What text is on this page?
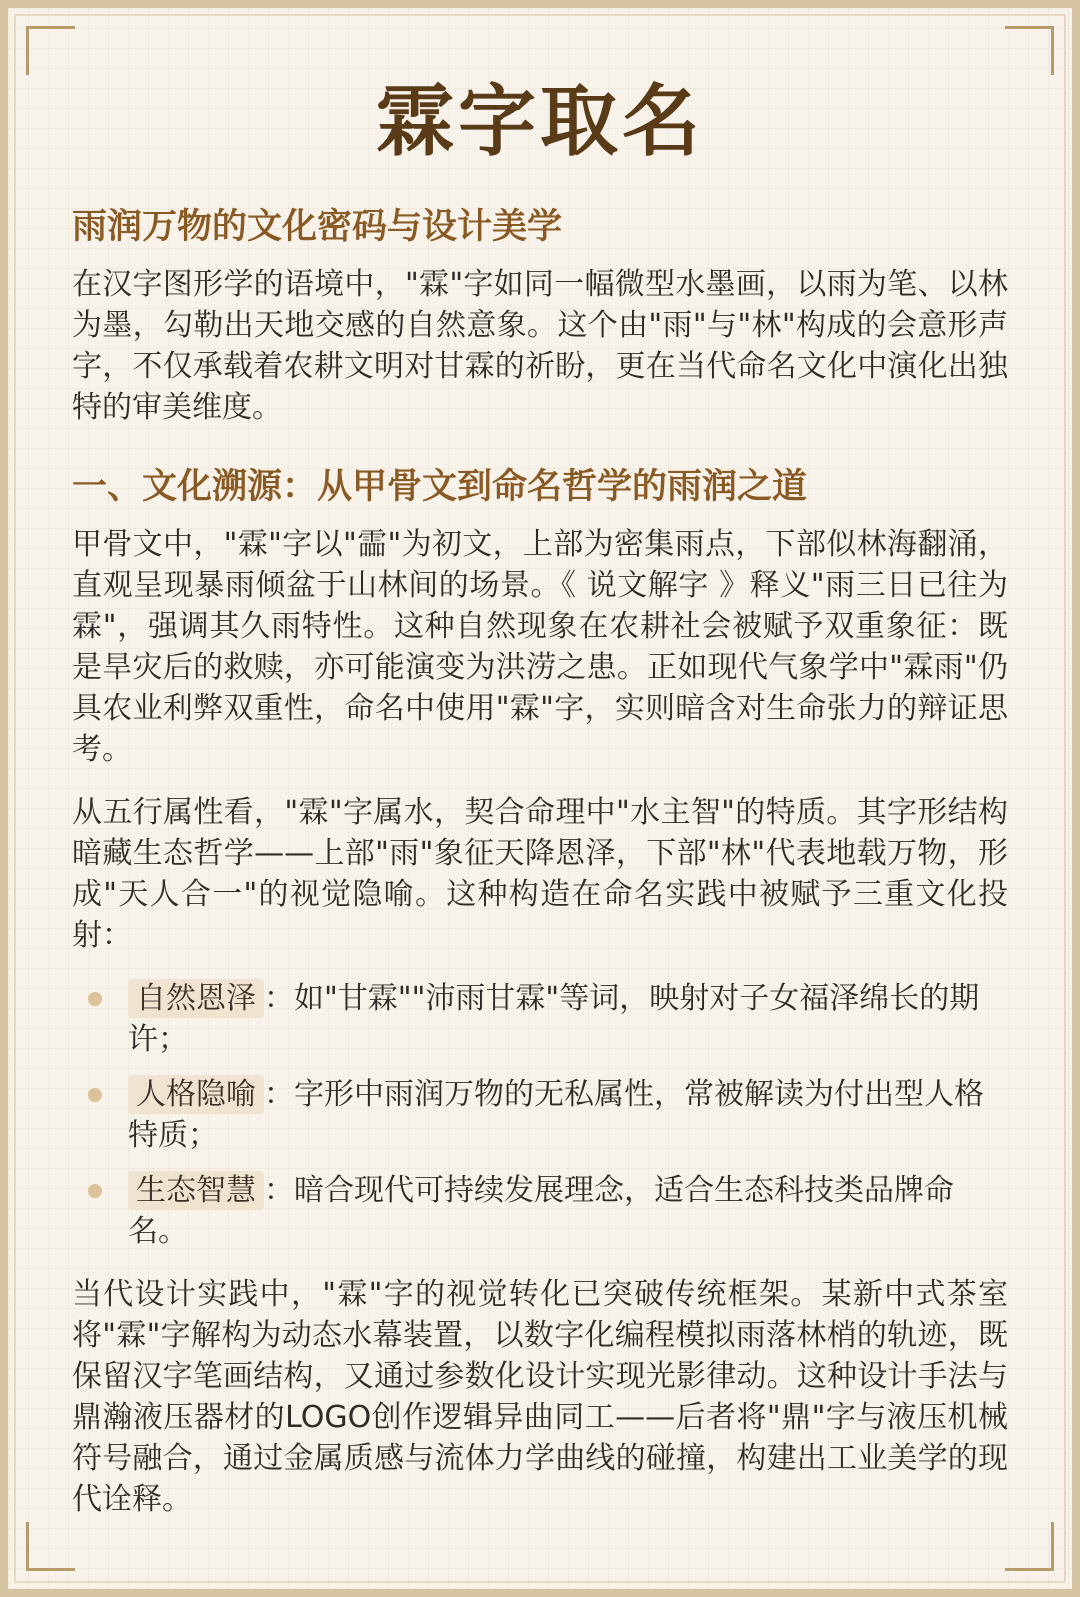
霖字取名
雨润万物的文化密码与设计美学

在汉字图形学的语境中，"霖"字如同一幅微型水墨画，以雨为笔、以林为墨，勾勒出天地交感的自然意象。这个由"雨"与"林"构成的会意形声字，不仅承载着农耕文明对甘霖的祈盼，更在当代命名文化中演化出独特的审美维度。

一、文化溯源：从甲骨文到命名哲学的雨润之道

甲骨文中，"霖"字以"霝"为初文，上部为密集雨点，下部似林海翻涌，直观呈现暴雨倾盆于山林间的场景。《 说文解字 》释义"雨三日已往为霖"，强调其久雨特性。这种自然现象在农耕社会被赋予双重象征：既是旱灾后的救赎，亦可能演变为洪涝之患。正如现代气象学中"霖雨"仍具农业利弊双重性，命名中使用"霖"字，实则暗含对生命张力的辩证思考。

从五行属性看，"霖"字属水，契合命理中"水主智"的特质。其字形结构暗藏生态哲学——上部"雨"象征天降恩泽，下部"林"代表地载万物，形成"天人合一"的视觉隐喻。这种构造在命名实践中被赋予三重文化投射：

自然恩泽 ：如"甘霖""沛雨甘霖"等词，映射对子女福泽绵长的期许；
人格隐喻 ：字形中雨润万物的无私属性，常被解读为付出型人格特质；
生态智慧 ：暗合现代可持续发展理念，适合生态科技类品牌命名。

当代设计实践中，"霖"字的视觉转化已突破传统框架。某新中式茶室将"霖"字解构为动态水幕装置，以数字化编程模拟雨落林梢的轨迹，既保留汉字笔画结构，又通过参数化设计实现光影律动。这种设计手法与鼎瀚液压器材的LOGO创作逻辑异曲同工——后者将"鼎"字与液压机械符号融合，通过金属质感与流体力学曲线的碰撞，构建出工业美学的现代诠释。
